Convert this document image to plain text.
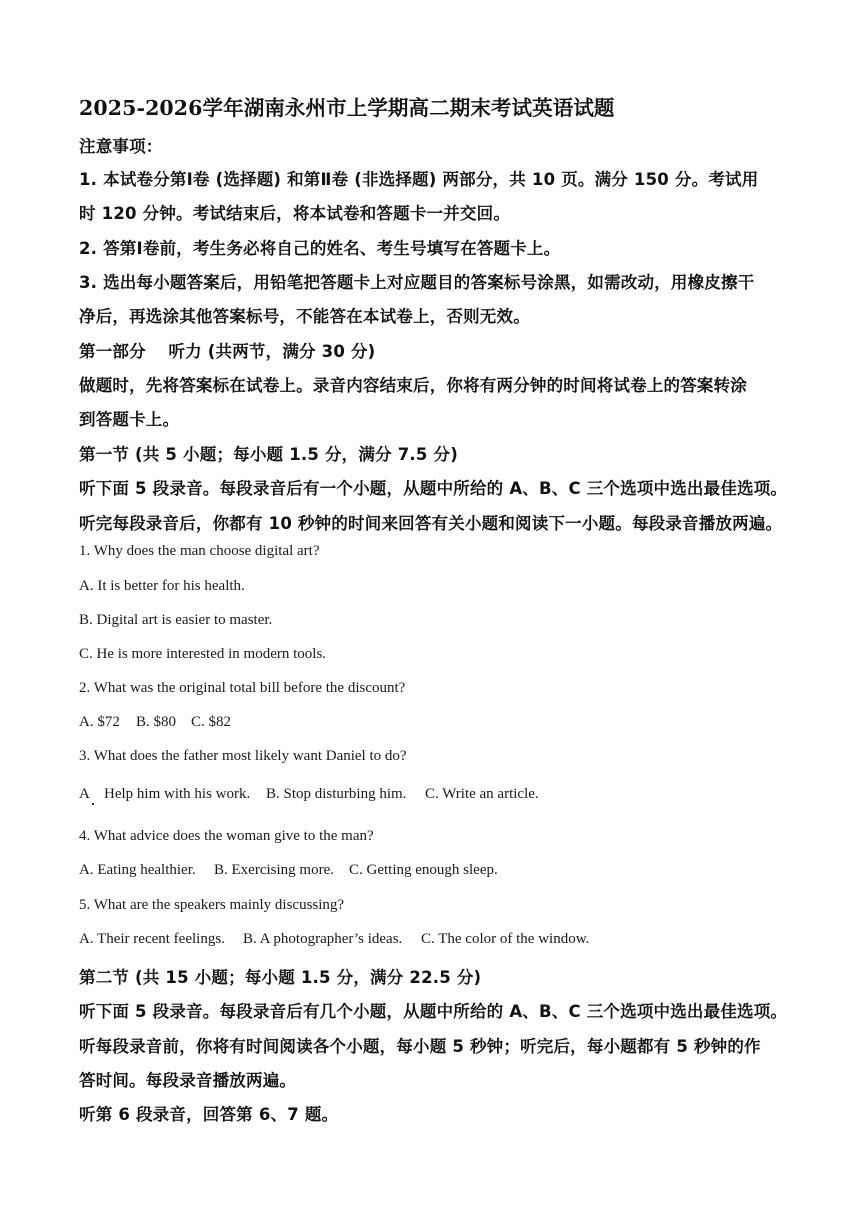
2025-2026学年湖南永州市上学期高二期末考试英语试题
注意事项：
1. 本试卷分第Ⅰ卷 (选择题) 和第Ⅱ卷 (非选择题) 两部分，共 10 页。满分 150 分。考试用
时 120 分钟。考试结束后，将本试卷和答题卡一并交回。
2. 答第Ⅰ卷前，考生务必将自己的姓名、考生号填写在答题卡上。
3. 选出每小题答案后，用铅笔把答题卡上对应题目的答案标号涂黑，如需改动，用橡皮擦干
净后，再选涂其他答案标号，不能答在本试卷上，否则无效。
第一部分　 听力 (共两节，满分 30 分)
做题时，先将答案标在试卷上。录音内容结束后，你将有两分钟的时间将试卷上的答案转涂
到答题卡上。
第一节 (共 5 小题；每小题 1.5 分，满分 7.5 分)
听下面 5 段录音。每段录音后有一个小题，从题中所给的 A、B、C 三个选项中选出最佳选项。
听完每段录音后，你都有 10 秒钟的时间来回答有关小题和阅读下一小题。每段录音播放两遍。
1. Why does the man choose digital art?
A. It is better for his health.
B. Digital art is easier to master.
C. He is more interested in modern tools.
2. What was the original total bill before the discount?
A. $72 B. $80 C. $82
3. What does the father most likely want Daniel to do?
A　Help him with his work. B. Stop disturbing him. C. Write an article.
4. What advice does the woman give to the man?
A. Eating healthier. B. Exercising more. C. Getting enough sleep.
5. What are the speakers mainly discussing?
A. Their recent feelings. B. A photographer’s ideas. C. The color of the window.
第二节 (共 15 小题；每小题 1.5 分，满分 22.5 分)
听下面 5 段录音。每段录音后有几个小题，从题中所给的 A、B、C 三个选项中选出最佳选项。
听每段录音前，你将有时间阅读各个小题，每小题 5 秒钟；听完后，每小题都有 5 秒钟的作
答时间。每段录音播放两遍。
听第 6 段录音，回答第 6、7 题。
